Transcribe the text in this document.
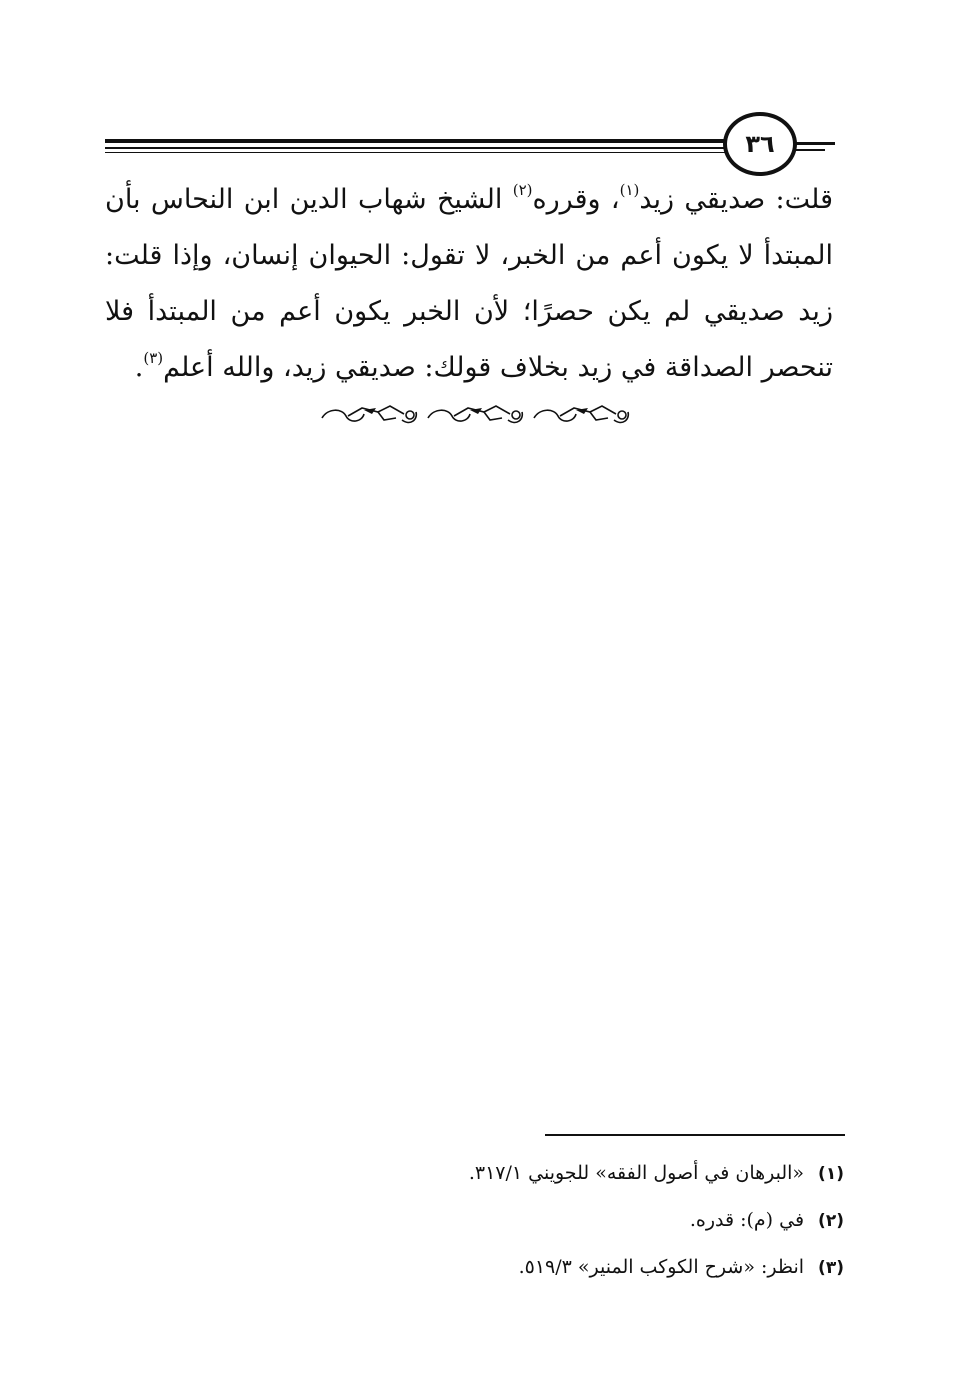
٣٦
قلت: صديقي زيد$^{(١)}$، وقرره$^{(٢)}$ الشيخ شهاب الدين ابن النحاس بأن
المبتدأ لا يكون أعم من الخبر، لا تقول: الحيوان إنسان، وإذا قلت:
زيد صديقي لم يكن حصرًا؛ لأن الخبر يكون أعم من المبتدأ فلا
تنحصر الصداقة في زيد بخلاف قولك: صديقي زيد، والله أعلم$^{(٣)}$.
(١)«البرهان في أصول الفقه» للجويني ٣١٧/١.
(٢)في (م): قدره.
(٣)انظر: «شرح الكوكب المنير» ٥١٩/٣.
